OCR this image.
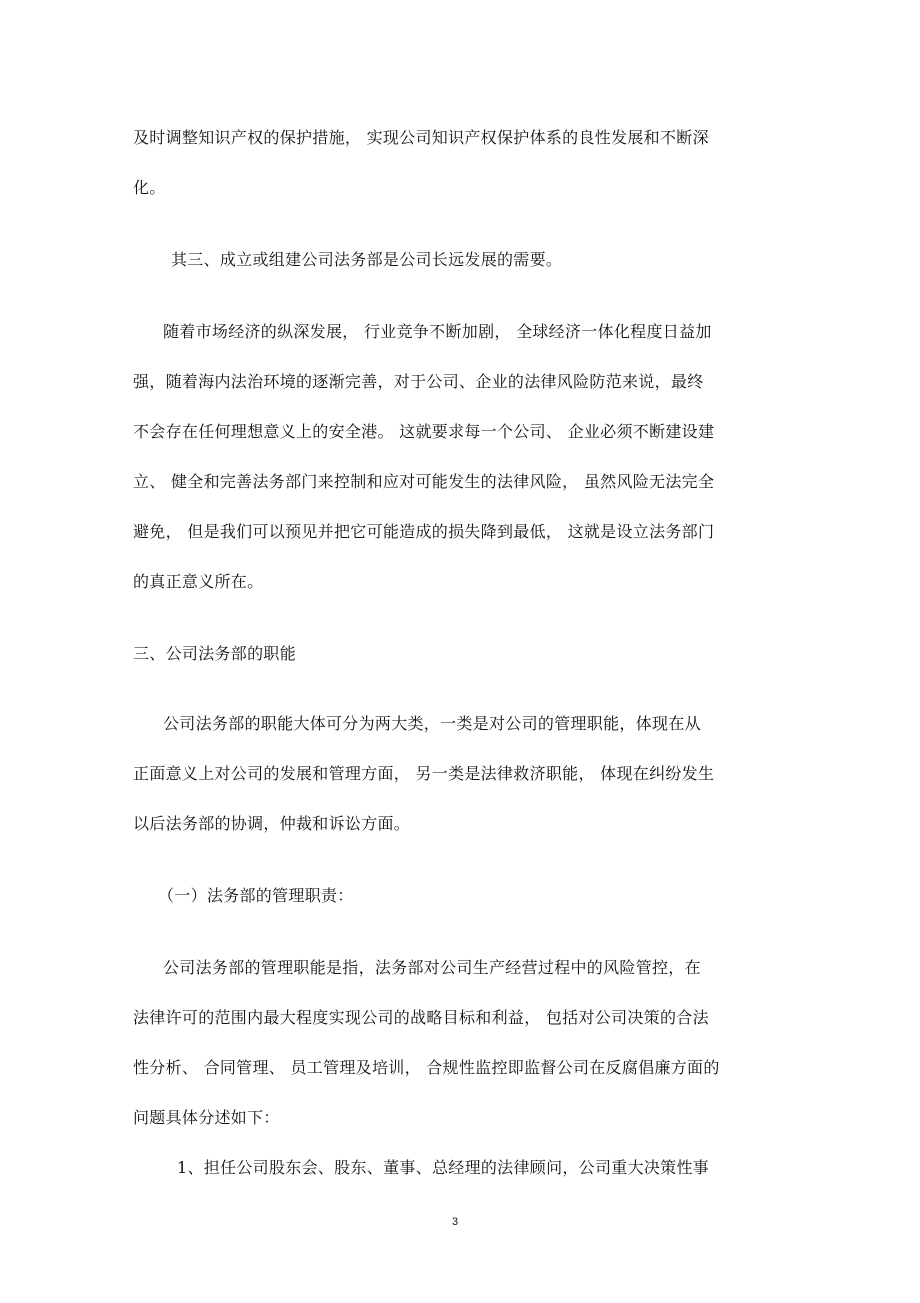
及时调整知识产权的保护措施， 实现公司知识产权保护体系的良性发展和不断深
化。
其三、成立或组建公司法务部是公司长远发展的需要。
随着市场经济的纵深发展， 行业竞争不断加剧， 全球经济一体化程度日益加
强，随着海内法治环境的逐渐完善，对于公司、企业的法律风险防范来说，最终
不会存在任何理想意义上的安全港。 这就要求每一个公司、 企业必须不断建设建
立、 健全和完善法务部门来控制和应对可能发生的法律风险， 虽然风险无法完全
避免， 但是我们可以预见并把它可能造成的损失降到最低， 这就是设立法务部门
的真正意义所在。
三、公司法务部的职能
公司法务部的职能大体可分为两大类，一类是对公司的管理职能，体现在从
正面意义上对公司的发展和管理方面， 另一类是法律救济职能， 体现在纠纷发生
以后法务部的协调，仲裁和诉讼方面。
（一）法务部的管理职责：
公司法务部的管理职能是指，法务部对公司生产经营过程中的风险管控，在
法律许可的范围内最大程度实现公司的战略目标和利益， 包括对公司决策的合法
性分析、 合同管理、 员工管理及培训， 合规性监控即监督公司在反腐倡廉方面的
问题具体分述如下：
1、担任公司股东会、股东、董事、总经理的法律顾问，公司重大决策性事
3
